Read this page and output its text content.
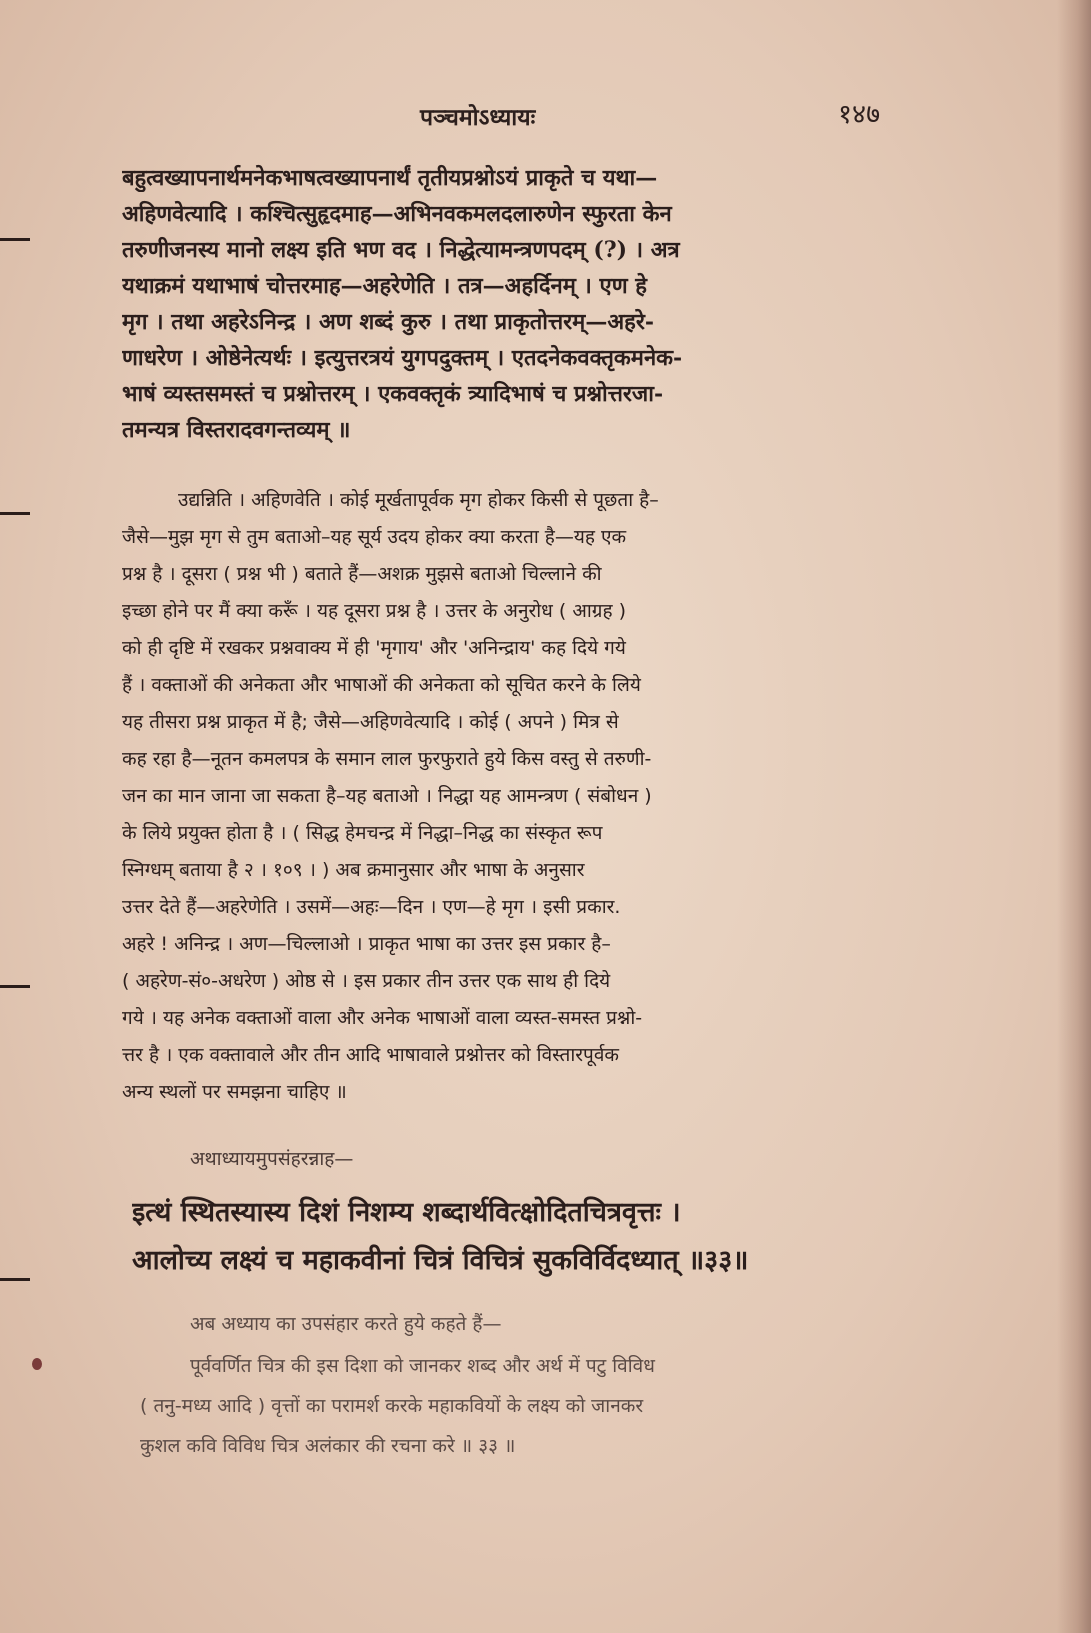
पञ्चमोऽध्यायः	१४७
बहुत्वख्यापनार्थमनेकभाषत्वख्यापनार्थं तृतीयप्रश्नोऽयं प्राकृते च यथा—
अहिणवेत्यादि । कश्चित्सुहृदमाह—अभिनवकमलदलारुणेन स्फुरता केन
तरुणीजनस्य मानो लक्ष्य इति भण वद । निद्धेत्यामन्त्रणपदम् (?) । अत्र
यथाक्रमं यथाभाषं चोत्तरमाह—अहरेणेति । तत्र—अहर्दिनम् । एण हे
मृग । तथा अहरेऽनिन्द्र । अण शब्दं कुरु । तथा प्राकृतोत्तरम्—अहरे-
णाधरेण । ओष्ठेनेत्यर्थः । इत्युत्तरत्रयं युगपदुक्तम् । एतदनेकवक्तृकमनेक-
भाषं व्यस्तसमस्तं च प्रश्नोत्तरम् । एकवक्तृकं त्र्यादिभाषं च प्रश्नोत्तरजा-
तमन्यत्र विस्तरादवगन्तव्यम् ॥
उद्यन्निति । अहिणवेति । कोई मूर्खतापूर्वक मृग होकर किसी से पूछता है–
जैसे—मुझ मृग से तुम बताओ–यह सूर्य उदय होकर क्या करता है—यह एक
प्रश्न है । दूसरा ( प्रश्न भी ) बताते हैं—अशक्र मुझसे बताओ चिल्लाने की
इच्छा होने पर मैं क्या करूँ । यह दूसरा प्रश्न है । उत्तर के अनुरोध ( आग्रह )
को ही दृष्टि में रखकर प्रश्नवाक्य में ही 'मृगाय' और 'अनिन्द्राय' कह दिये गये
हैं । वक्ताओं की अनेकता और भाषाओं की अनेकता को सूचित करने के लिये
यह तीसरा प्रश्न प्राकृत में है; जैसे—अहिणवेत्यादि । कोई ( अपने ) मित्र से
कह रहा है—नूतन कमलपत्र के समान लाल फुरफुराते हुये किस वस्तु से तरुणी-
जन का मान जाना जा सकता है–यह बताओ । निद्धा यह आमन्त्रण ( संबोधन )
के लिये प्रयुक्त होता है । ( सिद्ध हेमचन्द्र में निद्धा–निद्ध का संस्कृत रूप
स्निग्धम् बताया है २ । १०९ । ) अब क्रमानुसार और भाषा के अनुसार
उत्तर देते हैं—अहरेणेति । उसमें—अहः—दिन । एण—हे मृग । इसी प्रकार.
अहरे ! अनिन्द्र । अण—चिल्लाओ । प्राकृत भाषा का उत्तर इस प्रकार है–
( अहरेण-सं०-अधरेण ) ओष्ठ से । इस प्रकार तीन उत्तर एक साथ ही दिये
गये । यह अनेक वक्ताओं वाला और अनेक भाषाओं वाला व्यस्त-समस्त प्रश्नो-
त्तर है । एक वक्तावाले और तीन आदि भाषावाले प्रश्नोत्तर को विस्तारपूर्वक
अन्य स्थलों पर समझना चाहिए ॥
अथाध्यायमुपसंहरन्नाह—
इत्थं स्थितस्यास्य दिशं निशम्य शब्दार्थवित्क्षोदितचित्रवृत्तः ।
आलोच्य लक्ष्यं च महाकवीनां चित्रं विचित्रं सुकविर्विदध्यात् ॥३३॥
अब अध्याय का उपसंहार करते हुये कहते हैं—
पूर्ववर्णित चित्र की इस दिशा को जानकर शब्द और अर्थ में पटु विविध
( तनु-मध्य आदि ) वृत्तों का परामर्श करके महाकवियों के लक्ष्य को जानकर
कुशल कवि विविध चित्र अलंकार की रचना करे ॥ ३३ ॥
